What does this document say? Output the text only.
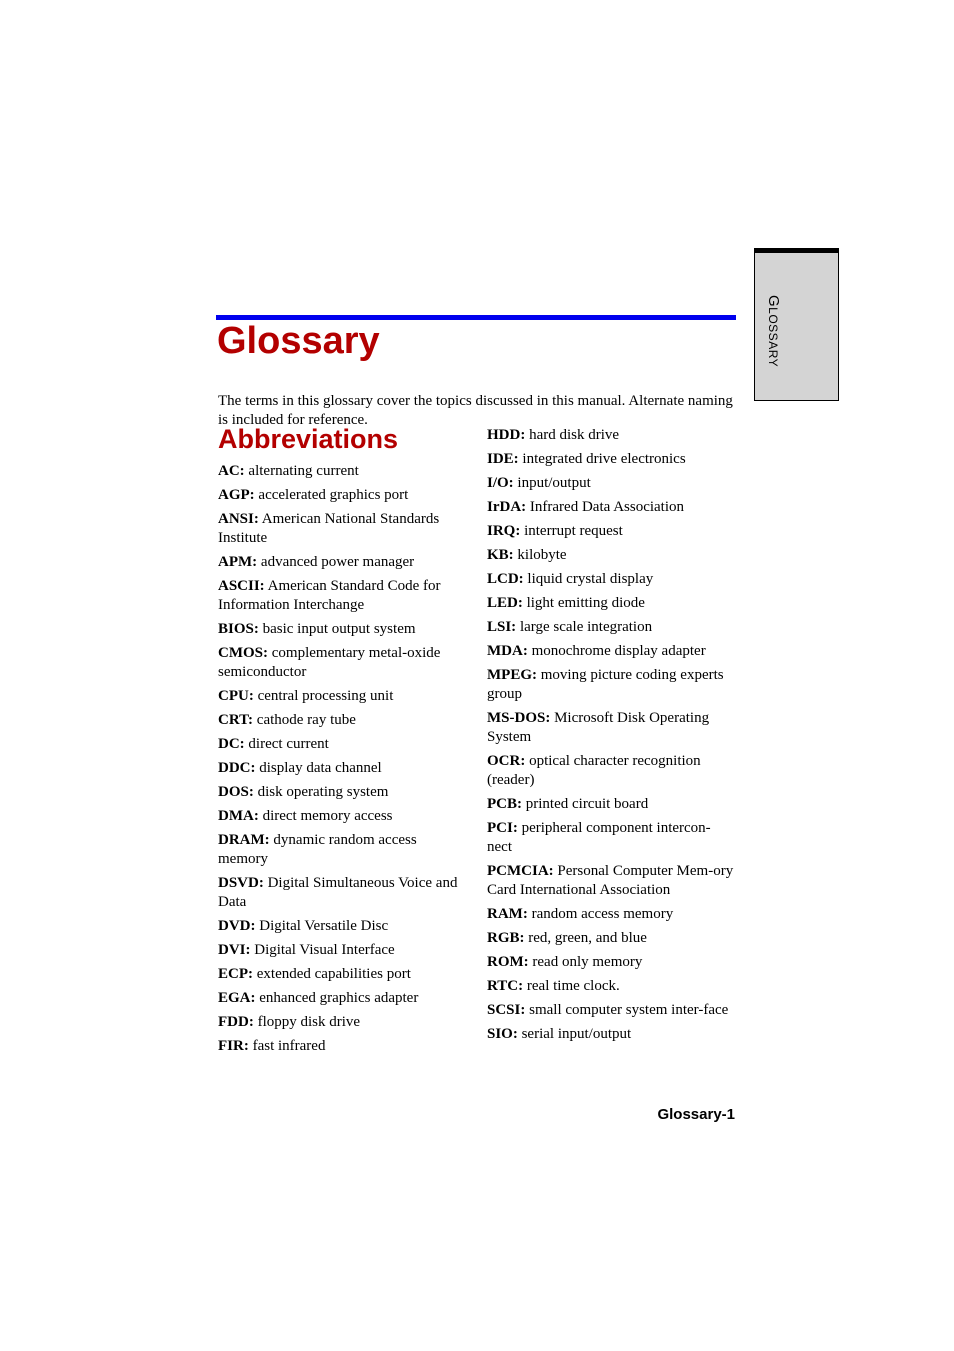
GLOSSARY
Glossary

The terms in this glossary cover the topics discussed in this manual. Alternate naming is included for reference.

Abbreviations

AC: alternating current

AGP: accelerated graphics port

ANSI: American National Standards Institute

APM: advanced power manager

ASCII: American Standard Code for Information Interchange

BIOS: basic input output system

CMOS: complementary metal-oxide semiconductor

CPU: central processing unit

CRT: cathode ray tube

DC: direct current

DDC: display data channel

DOS: disk operating system

DMA: direct memory access

DRAM: dynamic random access memory

DSVD: Digital Simultaneous Voice and Data

DVD: Digital Versatile Disc

DVI: Digital Visual Interface

ECP: extended capabilities port

EGA: enhanced graphics adapter

FDD: floppy disk drive

FIR: fast infrared

HDD: hard disk drive

IDE: integrated drive electronics

I/O: input/output

IrDA: Infrared Data Association

IRQ: interrupt request

KB: kilobyte

LCD: liquid crystal display

LED: light emitting diode

LSI: large scale integration

MDA: monochrome display adapter

MPEG: moving picture coding experts group

MS-DOS: Microsoft Disk Operating System

OCR: optical character recognition (reader)

PCB: printed circuit board

PCI: peripheral component intercon-nect

PCMCIA: Personal Computer Mem-ory Card International Association

RAM: random access memory

RGB: red, green, and blue

ROM: read only memory

RTC: real time clock.

SCSI: small computer system inter-face

SIO: serial input/output

Glossary-1
